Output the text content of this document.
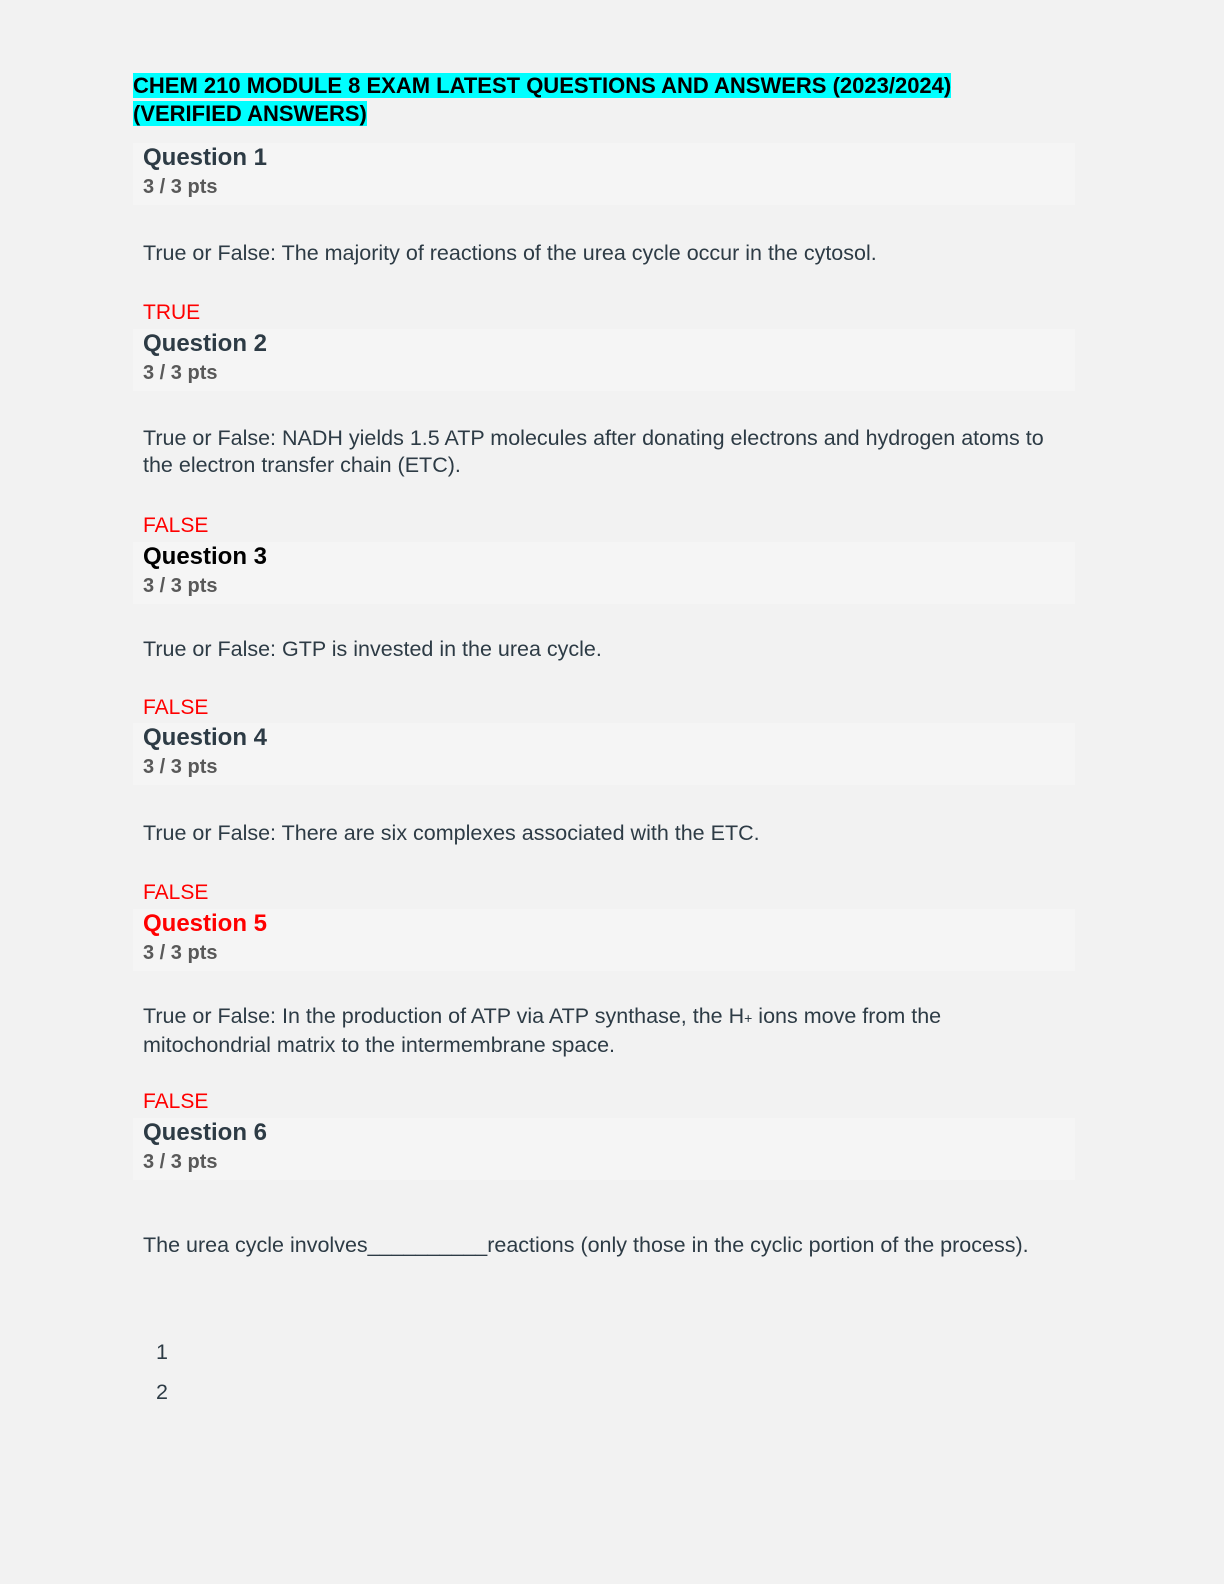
CHEM 210 MODULE 8 EXAM LATEST QUESTIONS AND ANSWERS (2023/2024)
(VERIFIED ANSWERS)
Question 1
3 / 3 pts
True or False: The majority of reactions of the urea cycle occur in the cytosol.
TRUE
Question 2
3 / 3 pts
True or False: NADH yields 1.5 ATP molecules after donating electrons and hydrogen atoms to the electron transfer chain (ETC).
FALSE
Question 3
3 / 3 pts
True or False: GTP is invested in the urea cycle.
FALSE
Question 4
3 / 3 pts
True or False: There are six complexes associated with the ETC.
FALSE
Question 5
3 / 3 pts
True or False: In the production of ATP via ATP synthase, the H+ ions move from the mitochondrial matrix to the intermembrane space.
FALSE
Question 6
3 / 3 pts
The urea cycle involves__________reactions (only those in the cyclic portion of the process).
1
2
